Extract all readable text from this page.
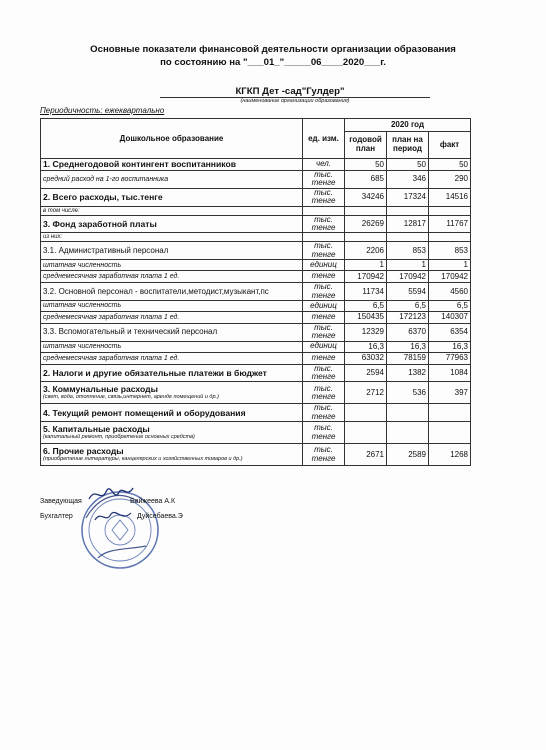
Основные показатели финансовой деятельности организации образования
по состоянию на "___01_"_____06____2020___г.
КГКП Дет -сад"Гулдер"
(наименование организации образования)
Периодичность: ежеквартально
Дошкольное образование	ед. изм.	2020 год		
		годовой план	план на период	факт

1. Среднегодовой контингент воспитанников	чел.	50	50	50

средний расход на 1-го воспитанника	тыс. тенге	685	346	290

2. Всего расходы, тыс.тенге	тыс. тенге	34246	17324	14516

в том числе:				

3. Фонд заработной платы	тыс. тенге	26269	12817	11767

из них:				

3.1. Административный персонал	тыс. тенге	2206	853	853

штатная численность	единиц	1	1	1

среднемесячная заработная плата 1 ед.	тенге	170942	170942	170942

3.2. Основной персонал - воспитатели,методист,музыкант,пс	тыс. тенге	11734	5594	4560

штатная численность	единиц	6,5	6,5	6,5

среднемесячная заработная плата 1 ед.	тенге	150435	172123	140307

3.3. Вспомогательный и технический персонал	тыс. тенге	12329	6370	6354

штатная численность	единиц	16,3	16,3	16,3

среднемесячная заработная плата 1 ед.	тенге	63032	78159	77963

2. Налоги и другие обязательные платежи в бюджет	тыс. тенге	2594	1382	1084

3. Коммунальные расходы
(свет, вода, отопление, связь,интернет, арeнде помещений и др.)	тыс. тенге	2712	536	397

4. Текущий ремонт помещений и оборудования	тыс. тенге			

5. Капитальные расходы
(капитальный ремонт, приобретение основных средств)	тыс. тенге			

6. Прочие расходы
(приобретение литературы, канцелярских и хозяйственных товаров и др.)	тыс. тенге	2671	2589	1268
Заведующая	Байжеева А.К
Бухгалтер	Дуйсебаева.Э
